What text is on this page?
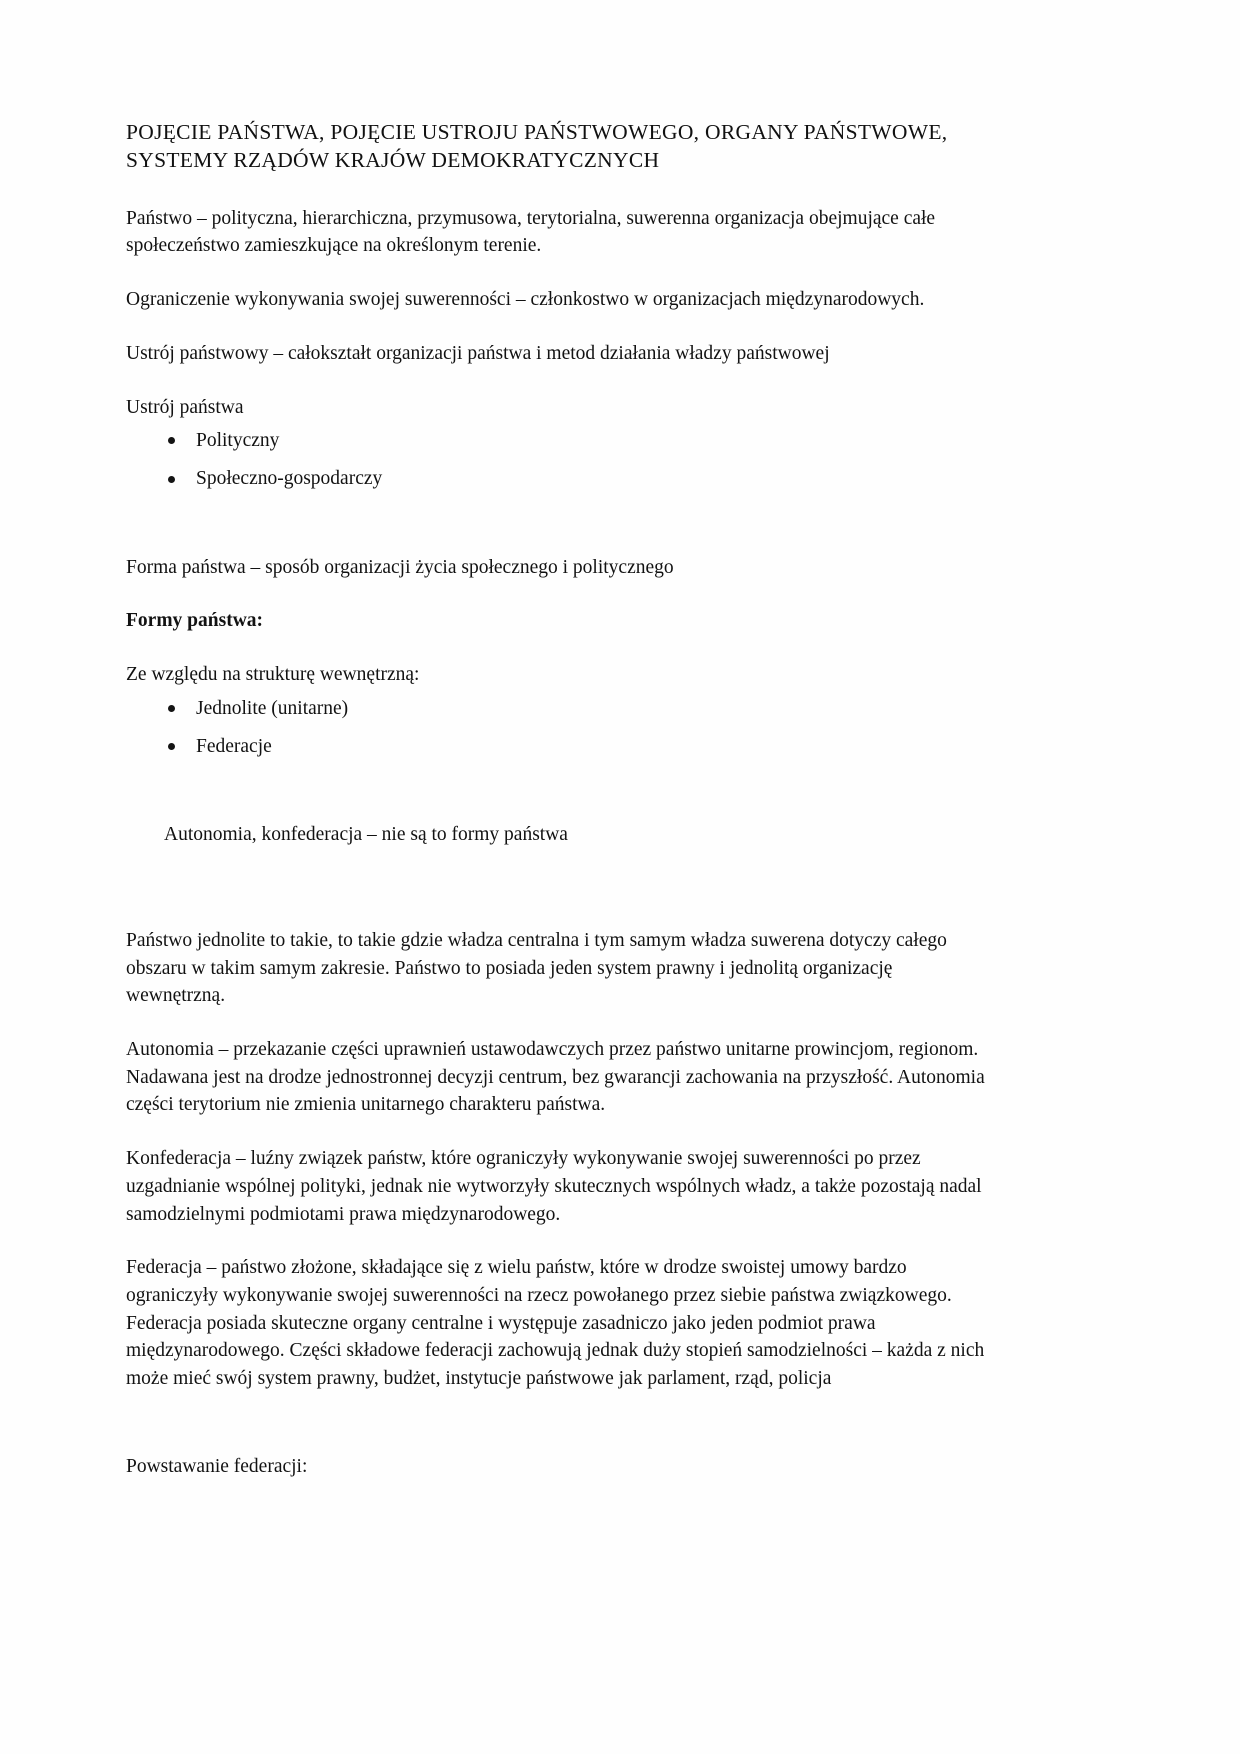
POJĘCIE PAŃSTWA, POJĘCIE USTROJU PAŃSTWOWEGO, ORGANY PAŃSTWOWE, SYSTEMY RZĄDÓW KRAJÓW DEMOKRATYCZNYCH

Państwo – polityczna, hierarchiczna, przymusowa, terytorialna, suwerenna organizacja obejmujące całe społeczeństwo zamieszkujące na określonym terenie.

Ograniczenie wykonywania swojej suwerenności – członkostwo w organizacjach międzynarodowych.

Ustrój państwowy – całokształt organizacji państwa i metod działania władzy państwowej

Ustrój państwa

Polityczny
Społeczno-gospodarczy

Forma państwa – sposób organizacji życia społecznego i politycznego

Formy państwa:

Ze względu na strukturę wewnętrzną:

Jednolite (unitarne)
Federacje

Autonomia, konfederacja – nie są to formy państwa

Państwo jednolite to takie, to takie gdzie władza centralna i tym samym władza suwerena dotyczy całego obszaru w takim samym zakresie. Państwo to posiada jeden system prawny i jednolitą organizację wewnętrzną.

Autonomia – przekazanie części uprawnień ustawodawczych przez państwo unitarne prowincjom, regionom. Nadawana jest na drodze jednostronnej decyzji centrum, bez gwarancji zachowania na przyszłość. Autonomia części terytorium nie zmienia unitarnego charakteru państwa.

Konfederacja – luźny związek państw, które ograniczyły wykonywanie swojej suwerenności po przez uzgadnianie wspólnej polityki, jednak nie wytworzyły skutecznych wspólnych władz, a także pozostają nadal samodzielnymi podmiotami prawa międzynarodowego.

Federacja – państwo złożone, składające się z wielu państw, które w drodze swoistej umowy bardzo ograniczyły wykonywanie swojej suwerenności na rzecz powołanego przez siebie państwa związkowego. Federacja posiada skuteczne organy centralne i występuje zasadniczo jako jeden podmiot prawa międzynarodowego. Części składowe federacji zachowują jednak duży stopień samodzielności – każda z nich może mieć swój system prawny, budżet, instytucje państwowe jak parlament, rząd, policja

Powstawanie federacji:
